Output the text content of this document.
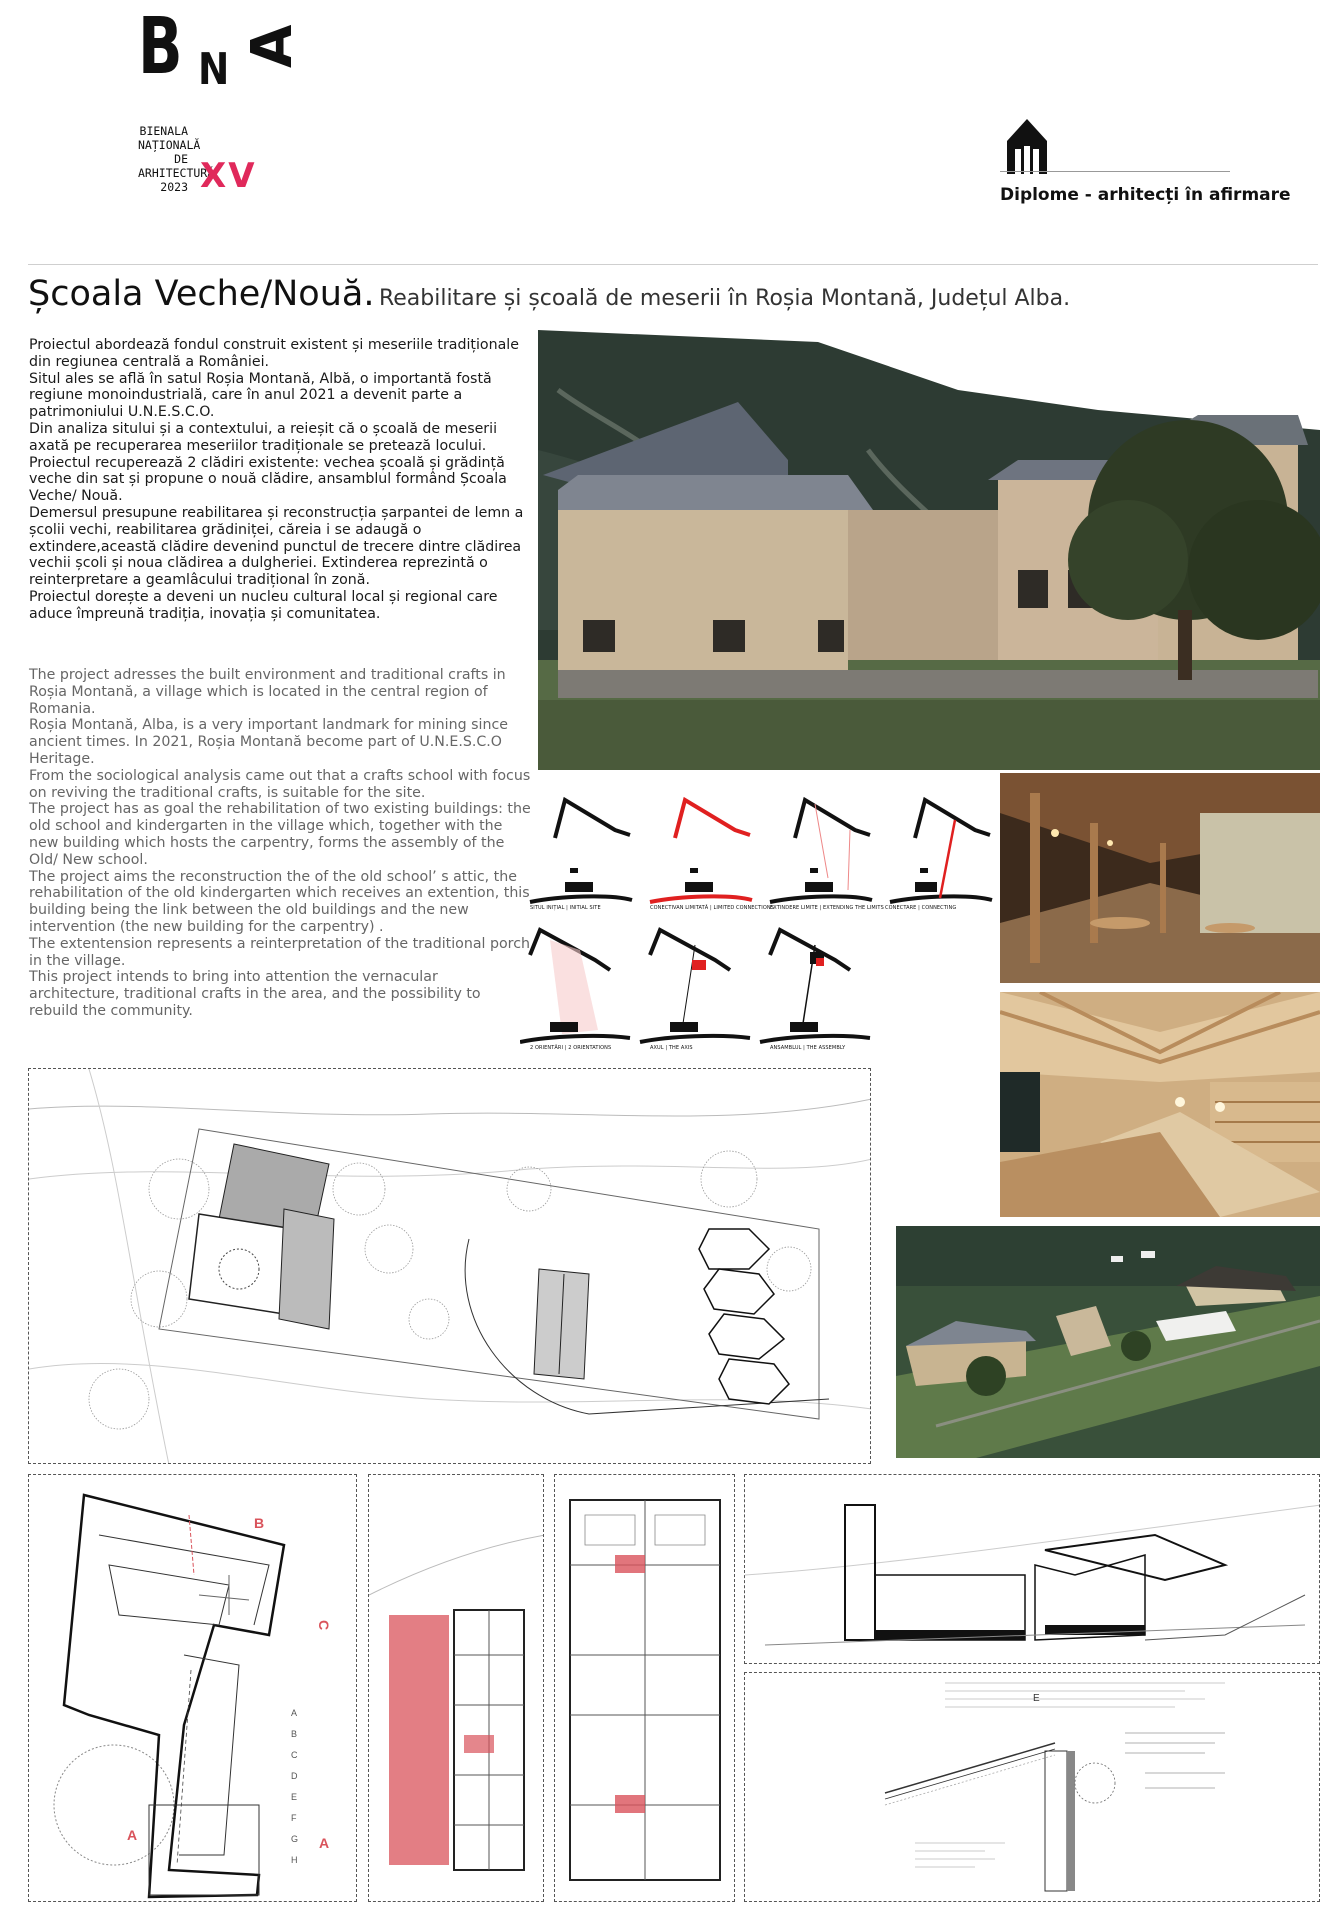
B N A
BIENALA
NAȚIONALĂ
DE
ARHITECTURĂ
2023 XV	Diplome - arhitecți în afirmare
Școala Veche/Nouă. Reabilitare și școală de meserii în Roșia Montană, Județul Alba.
Proiectul abordează fondul construit existent și meseriile tradiționale din regiunea centrală a României.
Situl ales se află în satul Roșia Montană, Albă, o importantă fostă regiune monoindustrială, care în anul 2021 a devenit parte a patrimoniului U.N.E.S.C.O.
Din analiza sitului și a contextului, a reieșit că o școală de meserii axată pe recuperarea meseriilor tradiționale se pretează locului.
Proiectul recuperează 2 clădiri existente: vechea școală și grădință veche din sat și propune o nouă clădire, ansamblul formând Școala Veche/ Nouă.
Demersul presupune reabilitarea și reconstrucția șarpantei de lemn a școlii vechi, reabilitarea grădiniței, căreia i se adaugă o extindere,această clădire devenind punctul de trecere dintre clădirea vechii școli și noua clădirea a dulgheriei. Extinderea reprezintă o reinterpretare a geamlâcului tradițional în zonă.
Proiectul dorește a deveni un nucleu cultural local și regional care aduce împreună tradiția, inovația și comunitatea.
The project adresses the built environment and traditional crafts in Roșia Montană, a village which is located in the central region of Romania.
Roșia Montană, Alba, is a very important landmark for mining since ancient times. In 2021, Roșia Montană become part of U.N.E.S.C.O Heritage.
From the sociological analysis came out that a crafts school with focus on reviving the traditional crafts, is suitable for the site.
The project has as goal the rehabilitation of two existing buildings: the old school and kindergarten in the village which, together with the new building which hosts the carpentry, forms the assembly of the Old/ New school.
The project aims the reconstruction the of the old school’ s attic, the rehabilitation of the old kindergarten which receives an extention, this building being the link between the old buildings and the new intervention (the new building for the carpentry) .
The extentension represents a reinterpretation of the traditional porch in the village.
This project intends to bring into attention the vernacular architecture, traditional crafts in the area, and the possibility to rebuild the community.
SITUL INIȚIAL | INITIAL SITE	CONECTIVAN LIMITATĂ | LIMITED CONNECTIONS
EXTINDERE LIMITE | EXTENDING THE LIMITS CONECTARE | CONNECTING
2 ORIENTĂRI | 2 ORIENTATIONS	AXUL | THE AXIS	ANSAMBLUL | THE ASSEMBLY
B
C
A	A
A B C D E F G H
E
